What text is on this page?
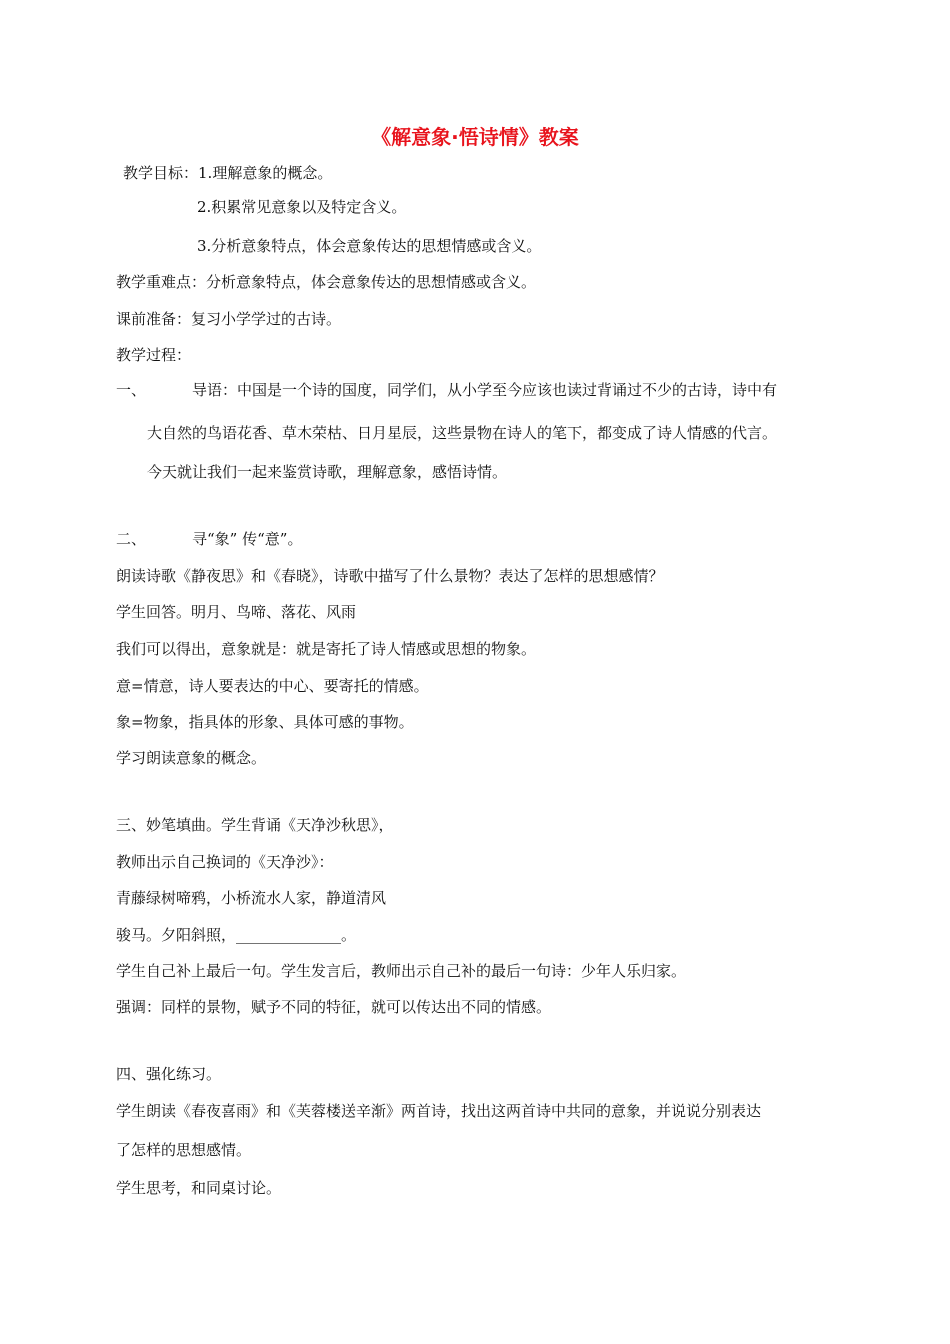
《解意象·悟诗情》教案
教学目标：1.理解意象的概念。
2.积累常见意象以及特定含义。
3.分析意象特点，体会意象传达的思想情感或含义。
教学重难点：分析意象特点，体会意象传达的思想情感或含义。
课前准备：复习小学学过的古诗。
教学过程：
一、	导语：中国是一个诗的国度，同学们，从小学至今应该也读过背诵过不少的古诗，诗中有
大自然的鸟语花香、草木荣枯、日月星辰，这些景物在诗人的笔下，都变成了诗人情感的代言。
今天就让我们一起来鉴赏诗歌，理解意象，感悟诗情。
二、	寻“象” 传“意”。
朗读诗歌《静夜思》和《春晓》，诗歌中描写了什么景物？表达了怎样的思想感情？
学生回答。明月、鸟啼、落花、风雨
我们可以得出，意象就是：就是寄托了诗人情感或思想的物象。
意=情意，诗人要表达的中心、要寄托的情感。
象=物象，指具体的形象、具体可感的事物。
学习朗读意象的概念。
三、妙笔填曲。学生背诵《天净沙秋思》，
教师出示自己换词的《天净沙》：
青藤绿树啼鸦，小桥流水人家，静道清风
骏马。夕阳斜照，______________。
学生自己补上最后一句。学生发言后，教师出示自己补的最后一句诗：少年人乐归家。
强调：同样的景物，赋予不同的特征，就可以传达出不同的情感。
四、强化练习。
学生朗读《春夜喜雨》和《芙蓉楼送辛渐》两首诗，找出这两首诗中共同的意象，并说说分别表达
了怎样的思想感情。
学生思考，和同桌讨论。
